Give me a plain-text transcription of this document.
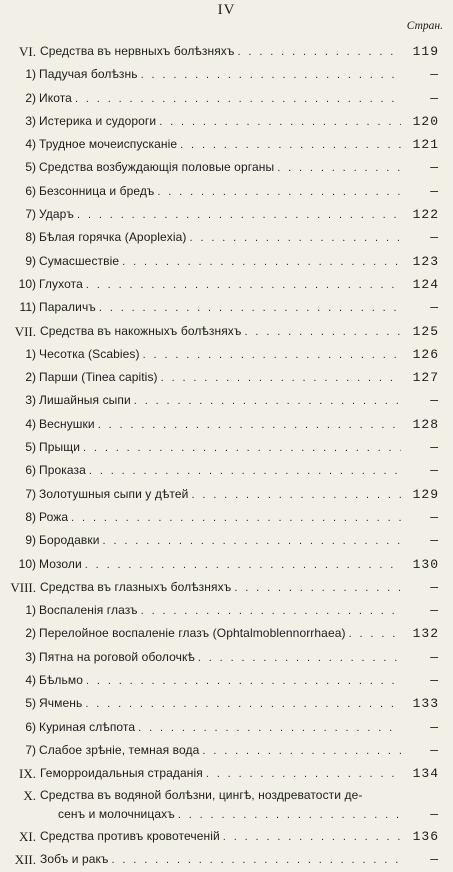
IV
Стран.
VI. Средства въ нервныхъ болѣзняхъ . . .	119
1) Падучая болѣзнь . . .	—
2) Икота . . .	—
3) Истерика и судороги . . .	120
4) Трудное мочеиспусканіе . . .	121
5) Средства возбуждающія половые органы . . .	—
6) Безсонница и бредъ . . .	—
7) Ударъ . . .	122
8) Бѣлая горячка (Apoplexia) . . .	—
9) Сумасшествіе . . .	123
10) Глухота . . .	124
11) Параличъ . . .	—
VII. Средства въ накожныхъ болѣзняхъ . . .	125
1) Чесотка (Scabies) . . .	126
2) Парши (Tinea capitis) . . .	127
3) Лишайныя сыпи . . .	—
4) Веснушки . . .	128
5) Прыщи . . .	—
6) Проказа . . .	—
7) Золотушныя сыпи у дѣтей . . .	129
8) Рожа . . .	—
9) Бородавки . . .	—
10) Мозоли . . .	130
VIII. Средства въ глазныхъ болѣзняхъ . . .	—
1) Воспаленія глазъ . . .	—
2) Перелойное воспаленіе глазъ (Ophtalmoblennorrhaea) . . .	132
3) Пятна на роговой оболочкѣ . . .	—
4) Бѣльмо . . .	—
5) Ячмень . . .	133
6) Куриная слѣпота . . .	—
7) Слабое зрѣніе, темная вода . . .	—
IX. Геморроидальныя страданія . . .	134
X. Средства въ водяной болѣзни, цингѣ, ноздреватости де-
сенъ и молочницахъ . . .	—
XI. Средства противъ кровотеченій . . .	136
XII. Зобъ и ракъ . . .	—
